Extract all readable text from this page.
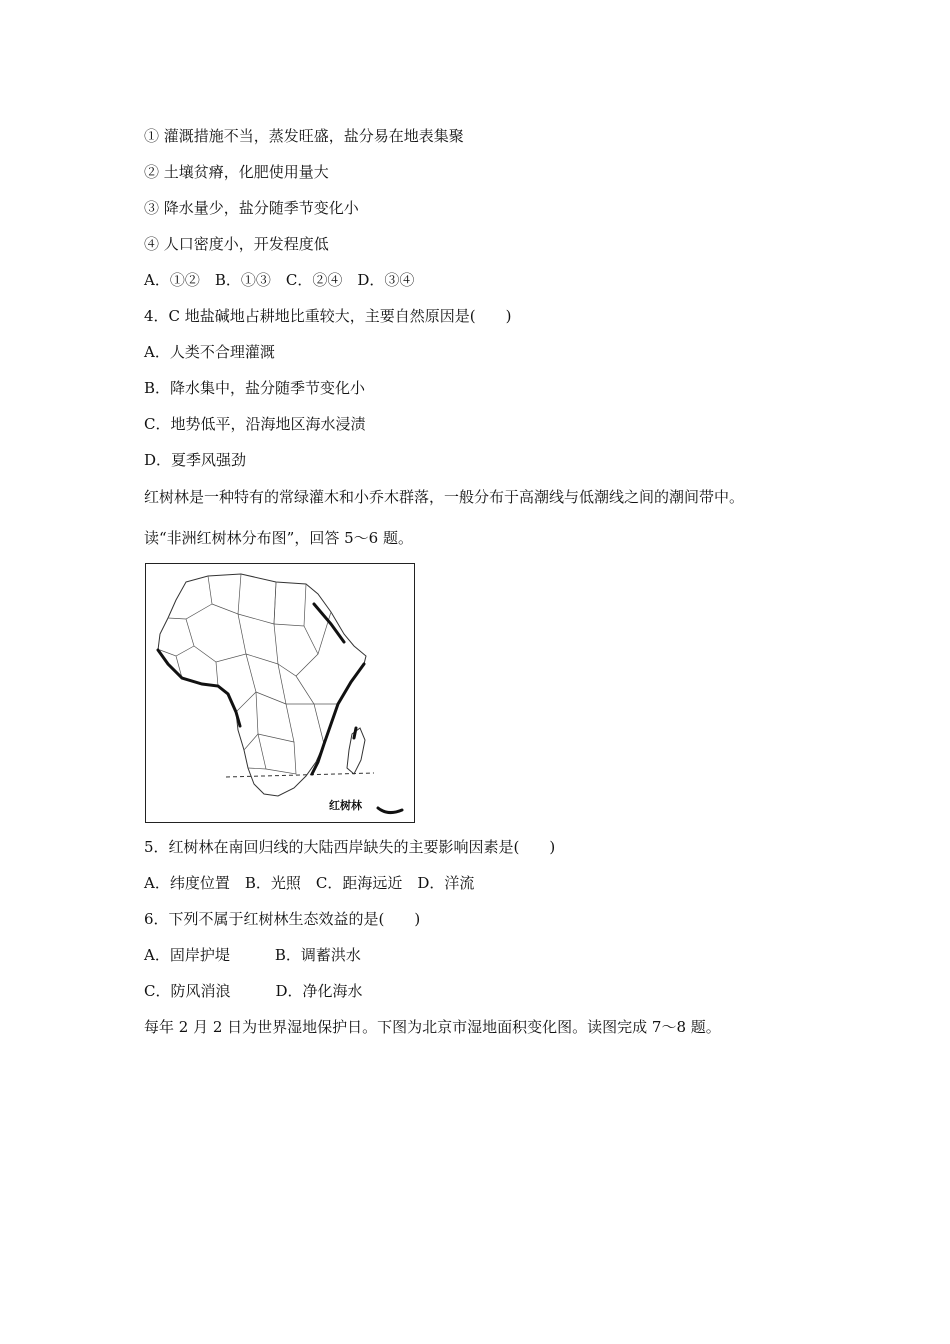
① 灌溉措施不当，蒸发旺盛，盐分易在地表集聚
② 土壤贫瘠，化肥使用量大
③ 降水量少，盐分随季节变化小
④ 人口密度小，开发程度低
A．①②　B．①③　C．②④　D．③④
4．C 地盐碱地占耕地比重较大，主要自然原因是(　　)
A．人类不合理灌溉
B．降水集中，盐分随季节变化小
C．地势低平，沿海地区海水浸渍
D．夏季风强劲
红树林是一种特有的常绿灌木和小乔木群落，一般分布于高潮线与低潮线之间的潮间带中。
读“非洲红树林分布图”，回答 5～6 题。
红树林
5．红树林在南回归线的大陆西岸缺失的主要影响因素是(　　)
A．纬度位置　B．光照　C．距海远近　D．洋流
6．下列不属于红树林生态效益的是(　　)
A．固岸护堤　　　B．调蓄洪水
C．防风消浪　　　D．净化海水
每年 2 月 2 日为世界湿地保护日。下图为北京市湿地面积变化图。读图完成 7～8 题。
